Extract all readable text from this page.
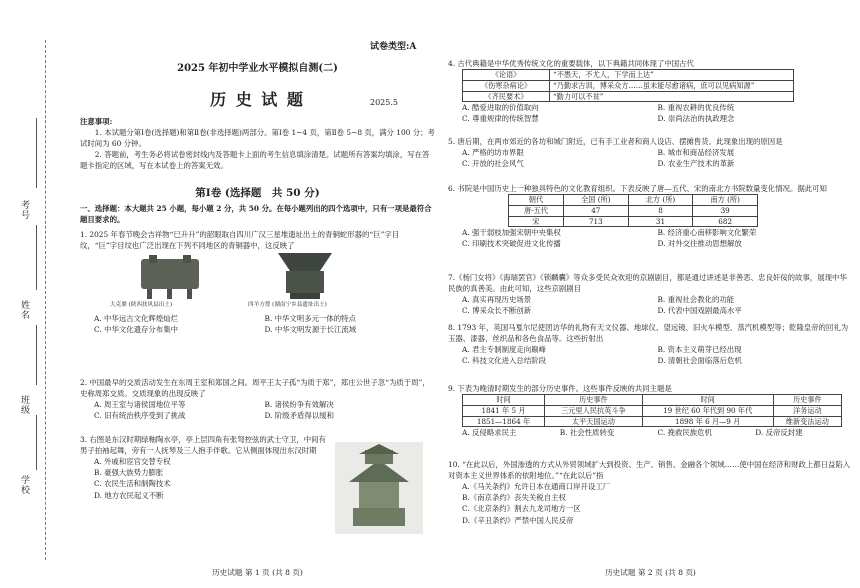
考号
姓名
班级
学校
试卷类型:A
2025 年初中学业水平模拟自测(二)
历 史 试 题	2025.5
注意事项:
1. 本试题分第Ⅰ卷(选择题)和第Ⅱ卷(非选择题)两部分。第Ⅰ卷 1~4 页，第Ⅱ卷 5~8 页，满分 100 分；考试时间为 60 分钟。
2. 答题前，考生务必将试卷密封线内及答题卡上面的考生信息填涂清楚。试题所有答案均填涂，写在答题卡指定的区域，写在本试卷上的答案无效。
第Ⅰ卷 (选择题　共 50 分)
一、选择题：本大题共 25 小题，每小题 2 分，共 50 分。在每小题列出的四个选项中，只有一项是最符合题目要求的。
1. 2025 年春节晚会吉祥物“巳升升”的韶眼取自四川广汉三星堆遗址出土的青铜蛇形器的“巨”字目纹，“巨”字目纹也广泛出现在下列不同地区的青铜器中，这反映了
大克鼎 (陕西扶风县出土)	四羊方尊 (湖南宁乡县遗址出土)
A. 中华远古文化辉煌灿烂	B. 中华文明多元一体的特点
C. 中华文化遗存分布集中	D. 中华文明发源于长江流域
2. 中国最早的交质活动发生在东周王室和郑国之间。周平王太子孤“为质于郑”，郑庄公世子忽“为质于周”，史称周郑交质。交质现象的出现反映了
A. 周王室与诸侯国地位平等	B. 诸侯纷争有效解决
C. 旧有统治秩序受到了挑战	D. 阶级矛盾得以缓和
3. 右图是东汉时期绿釉陶水亭，亭上层四角有张弩控弦的武士守卫，中间有男子拍袖起舞，旁有一人抚琴及三人抱手伴歌。它从侧面体现出东汉时期
A. 外戚和宦官交替专权
B. 豪强大族势力膨胀
C. 农民生活和制陶技术
D. 地方农民起义不断
历史试题 第 1 页 (共 8 页)
4. 古代典籍是中华优秀传统文化的重要载体，以下典籍共同体现了中国古代
《论语》	“不愚天，不尤人，下学而上达”
《伤寒杂病论》	“乃勤求古训，博采众方……虽未能尽愈诸病，庶可以见病知源”
《齐民要术》	“勤力可以不贫”
A. 酷爱进取的价值取向	B. 重视农耕的优良传统
C. 尊重规律的传统智慧	D. 崇尚法治的执政理念
5. 唐后期，在两市郊近的各坊和城门附近，已有手工业者和商人设店、摆摊售货。此现象出现的原因是
A. 严格的坊市界限	B. 城市和商品经济发展
C. 开放的社会风气	D. 农业生产技术的革新
6. 书院是中国历史上一种独具特色的文化教育组织。下表反映了唐—五代、宋的南北方书院数量变化情况。据此可知
朝代	全国 (所)	北方 (所)	南方 (所)
唐-五代	47	8	39
宋	713	31	682
A. 强干弱枝加强宋朝中央集权	B. 经济重心南移影响文化繁荣
C. 印刷技术突破促进文化传播	D. 对外交往推动思想解放
7.《杨门女将》《海瑞罢官》《锁麟囊》等众多受民众欢迎的京剧剧目，都是通过讲述是非善恶、忠良奸佞的故事，展现中华民族的真善美。由此可知，这些京剧剧目
A. 真实再现历史场景	B. 重视社会教化的功能
C. 博采众长不断创新	D. 代表中国戏剧最高水平
8. 1793 年，英国马戛尔尼使团访华的礼物有天文仪器、地球仪、望远镜、旧火车模型、蒸汽机模型等；乾隆皇帝的回礼为玉器、漆器、丝织品和各色食品等。这些折射出
A. 君主专制制度走向巅峰	B. 资本主义萌芽已经出现
C. 科技文化进入总结阶段	D. 清朝社会面临落后危机
9. 下表为晚清时期发生的部分历史事件。这些事件反映的共同主题是
时间	历史事件	时间	历史事件
1841 年 5 月	三元里人民抗英斗争	19 世纪 60 年代到 90 年代	洋务运动
1851—1864 年	太平天国运动	1898 年 6 月—9 月	维新变法运动
A. 反侵略求民主	B. 社会性质转变	C. 挽救民族危机	D. 反帝反封建
10. “在此以后，外国渗透的方式从外贸领域扩大到投资、生产、销售、金融各个领域……使中国在经济和财政上都日益陷入对资本主义世界体系的依附地位。”“在此以后”指
A.《马关条约》允许日本在通商口岸开设工厂
B.《南京条约》丧失关税自主权
C.《北京条约》割去九龙司地方一区
D.《辛丑条约》严禁中国人民反帝
历史试题 第 2 页 (共 8 页)
